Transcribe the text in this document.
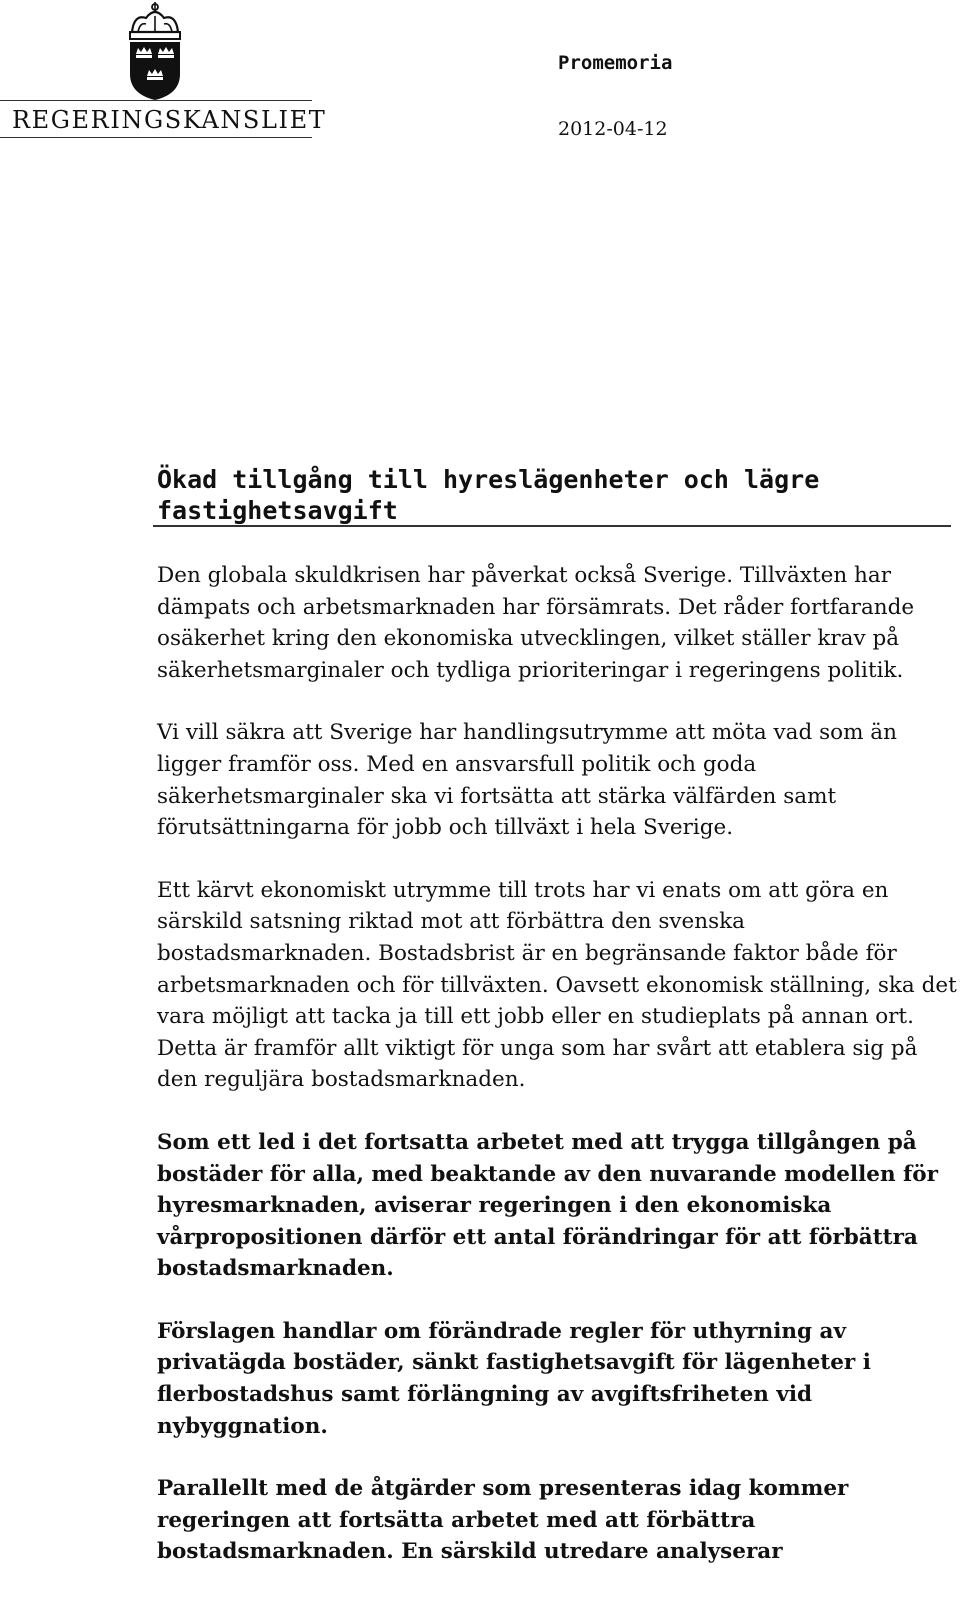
REGERINGSKANSLIET
Promemoria
2012-04-12
Ökad tillgång till hyreslägenheter och lägre fastighetsavgift

Den globala skuldkrisen har påverkat också Sverige. Tillväxten har dämpats och arbetsmarknaden har försämrats. Det råder fortfarande osäkerhet kring den ekonomiska utvecklingen, vilket ställer krav på säkerhetsmarginaler och tydliga prioriteringar i regeringens politik.

Vi vill säkra att Sverige har handlingsutrymme att möta vad som än ligger framför oss. Med en ansvarsfull politik och goda säkerhetsmarginaler ska vi fortsätta att stärka välfärden samt förutsättningarna för jobb och tillväxt i hela Sverige.

Ett kärvt ekonomiskt utrymme till trots har vi enats om att göra en särskild satsning riktad mot att förbättra den svenska bostadsmarknaden. Bostadsbrist är en begränsande faktor både för arbetsmarknaden och för tillväxten. Oavsett ekonomisk ställning, ska det vara möjligt att tacka ja till ett jobb eller en studieplats på annan ort. Detta är framför allt viktigt för unga som har svårt att etablera sig på den reguljära bostadsmarknaden.

Som ett led i det fortsatta arbetet med att trygga tillgången på bostäder för alla, med beaktande av den nuvarande modellen för hyresmarknaden, aviserar regeringen i den ekonomiska vårpropositionen därför ett antal förändringar för att förbättra bostadsmarknaden.

Förslagen handlar om förändrade regler för uthyrning av privatägda bostäder, sänkt fastighetsavgift för lägenheter i flerbostadshus samt förlängning av avgiftsfriheten vid nybyggnation.

Parallellt med de åtgärder som presenteras idag kommer regeringen att fortsätta arbetet med att förbättra bostadsmarknaden. En särskild utredare analyserar
